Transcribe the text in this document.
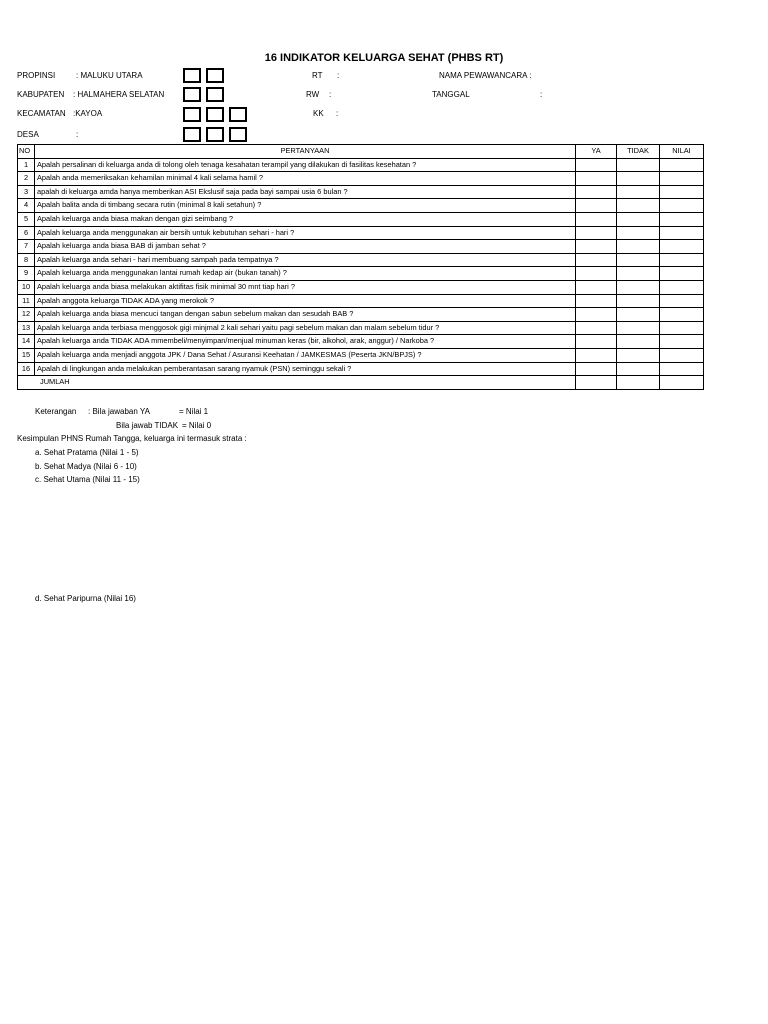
16 INDIKATOR KELUARGA SEHAT (PHBS RT)
PROPINSI	: MALUKU UTARA
KABUPATEN : HALMAHERA SELATAN
KECAMATAN :KAYOA
DESA	:
RT :
RW :
KK :
NAMA PEWAWANCARA :
TANGGAL	:
NO	PERTANYAAN	YA	TIDAK	NILAI
1	Apalah persalinan di keluarga anda di tolong oleh tenaga kesahatan terampil yang dilakukan di fasilitas kesehatan ?			
2	Apalah anda memeriksakan kehamilan minimal 4 kali selama hamil ?			
3	apalah di keluarga amda hanya memberikan ASI Ekslusif saja pada bayi sampai usia 6 bulan ?			
4	Apalah balita anda di timbang secara rutin (minimal 8 kali setahun) ?			
5	Apalah keluarga anda biasa makan dengan gizi seimbang ?			
6	Apalah keluarga anda menggunakan air bersih untuk kebutuhan sehari - hari ?			
7	Apalah keluarga anda biasa BAB di jamban sehat ?			
8	Apalah keluarga anda sehari - hari membuang sampah pada tempatnya ?			
9	Apalah keluarga anda menggunakan lantai rumah kedap air (bukan tanah) ?			
10	Apalah keluarga anda biasa melakukan aktifitas fisik minimal 30 mnt tiap hari ?			
11	Apalah anggota keluarga TIDAK ADA yang merokok ?			
12	Apalah keluarga anda biasa mencuci tangan dengan sabun sebelum makan dan sesudah BAB ?			
13	Apalah keluarga anda terbiasa menggosok gigi minjmal 2 kali sehari yaitu pagi sebelum makan dan malam sebelum tidur ?			
14	Apalah keluarga anda TIDAK ADA mmembeli/menyimpan/menjual minuman keras (bir, alkohol, arak, anggur) / Narkoba ?			
15	Apalah keluarga anda menjadi anggota JPK / Dana Sehat / Asuransi Keehatan / JAMKESMAS (Peserta JKN/BPJS) ?			
16	Apalah di lingkungan anda melakukan pemberantasan sarang nyamuk (PSN) seminggu sekali ?			
JUMLAH				
Keterangan : Bila jawaban YA	= Nilai 1
Bila jawab TIDAK = Nilai 0
Kesimpulan PHNS Rumah Tangga, keluarga ini termasuk strata :
a. Sehat Pratama (Nilai 1 - 5)
b. Sehat Madya (Nilai 6 - 10)
c. Sehat Utama (Nilai 11 - 15)
d. Sehat Paripurna (Nilai 16)
